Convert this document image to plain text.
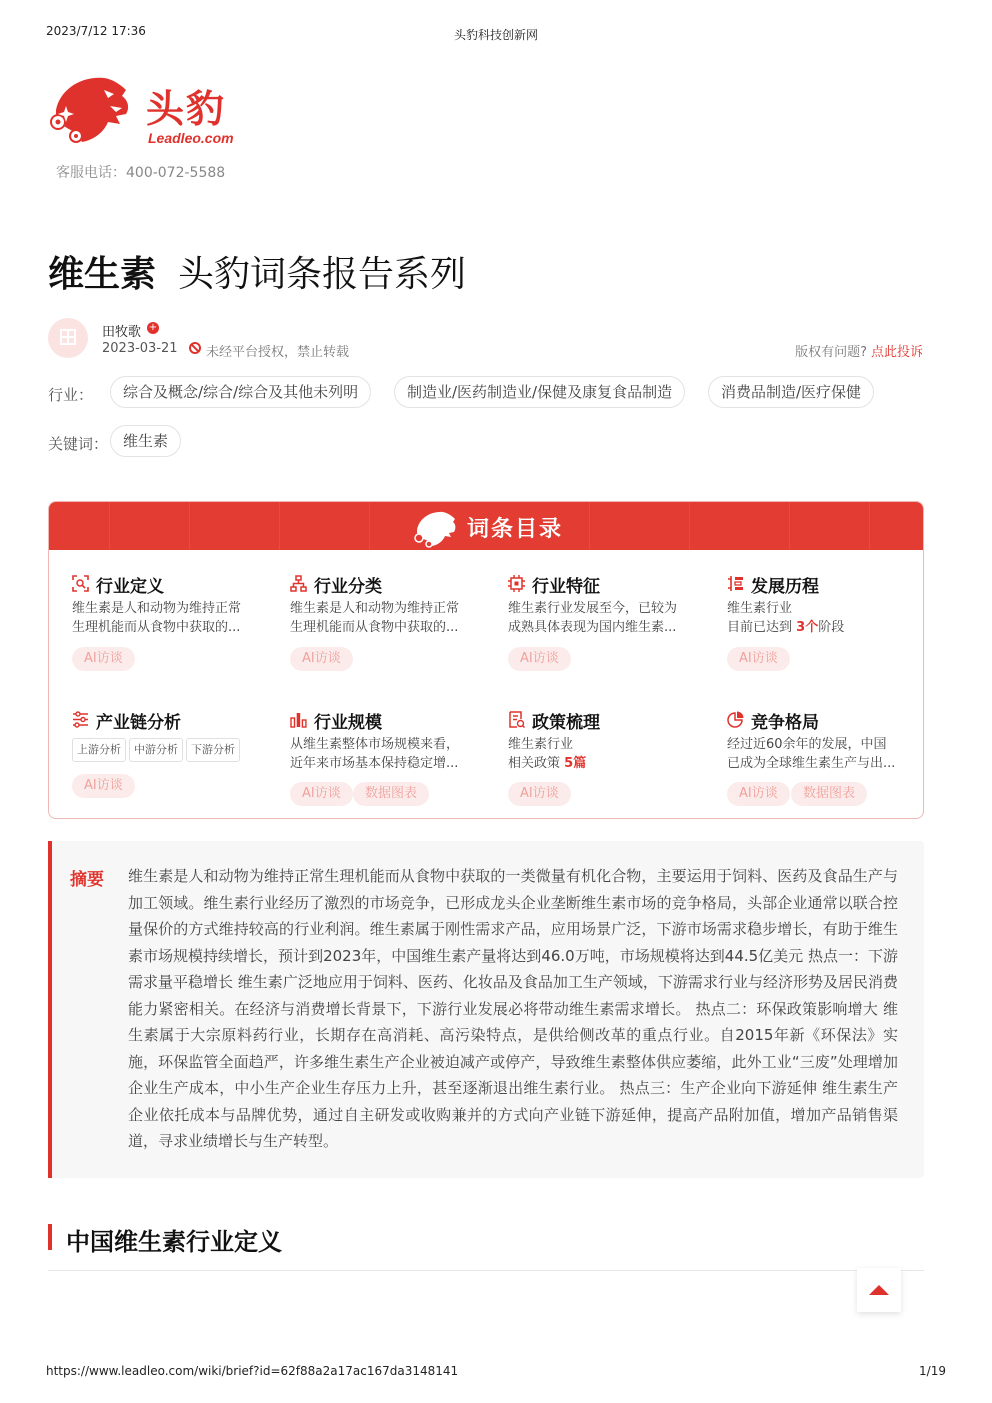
2023/7/12 17:36	头豹科技创新网
头豹
Leadleo.com
客服电话：400-072-5588
维生素 头豹词条报告系列
田牧歌 +
2023-03-21 未经平台授权，禁止转载	版权有问题? 点此投诉
行业：	综合及概念/综合/综合及其他未列明	制造业/医药制造业/保健及康复食品制造	消费品制造/医疗保健
关键词： 维生素
词条目录
行业定义
维生素是人和动物为维持正常
生理机能而从食物中获取的...
AI访谈
行业分类
维生素是人和动物为维持正常
生理机能而从食物中获取的...
AI访谈
行业特征
维生素行业发展至今，已较为
成熟具体表现为国内维生素...
AI访谈
发展历程
维生素行业
目前已达到 3个阶段
AI访谈
产业链分析
上游分析	中游分析	下游分析
AI访谈
行业规模
从维生素整体市场规模来看，
近年来市场基本保持稳定增...
AI访谈	数据图表
政策梳理
维生素行业
相关政策 5篇
AI访谈
竞争格局
经过近60余年的发展，中国
已成为全球维生素生产与出...
AI访谈	数据图表
摘要 维生素是人和动物为维持正常生理机能而从食物中获取的一类微量有机化合物，主要运用于饲料、医药及食品生产与加工领域。维生素行业经历了激烈的市场竞争，已形成龙头企业垄断维生素市场的竞争格局，头部企业通常以联合控量保价的方式维持较高的行业利润。维生素属于刚性需求产品，应用场景广泛，下游市场需求稳步增长，有助于维生素市场规模持续增长，预计到2023年，中国维生素产量将达到46.0万吨，市场规模将达到44.5亿美元 热点一：下游需求量平稳增长 维生素广泛地应用于饲料、医药、化妆品及食品加工生产领域，下游需求行业与经济形势及居民消费能力紧密相关。在经济与消费增长背景下，下游行业发展必将带动维生素需求增长。 热点二：环保政策影响增大 维生素属于大宗原料药行业，长期存在高消耗、高污染特点，是供给侧改革的重点行业。自2015年新《环保法》实施，环保监管全面趋严，许多维生素生产企业被迫减产或停产，导致维生素整体供应萎缩，此外工业“三废”处理增加企业生产成本，中小生产企业生存压力上升，甚至逐渐退出维生素行业。 热点三：生产企业向下游延伸 维生素生产企业依托成本与品牌优势，通过自主研发或收购兼并的方式向产业链下游延伸，提高产品附加值，增加产品销售渠道，寻求业绩增长与生产转型。
中国维生素行业定义
https://www.leadleo.com/wiki/brief?id=62f88a2a17ac167da3148141	1/19
